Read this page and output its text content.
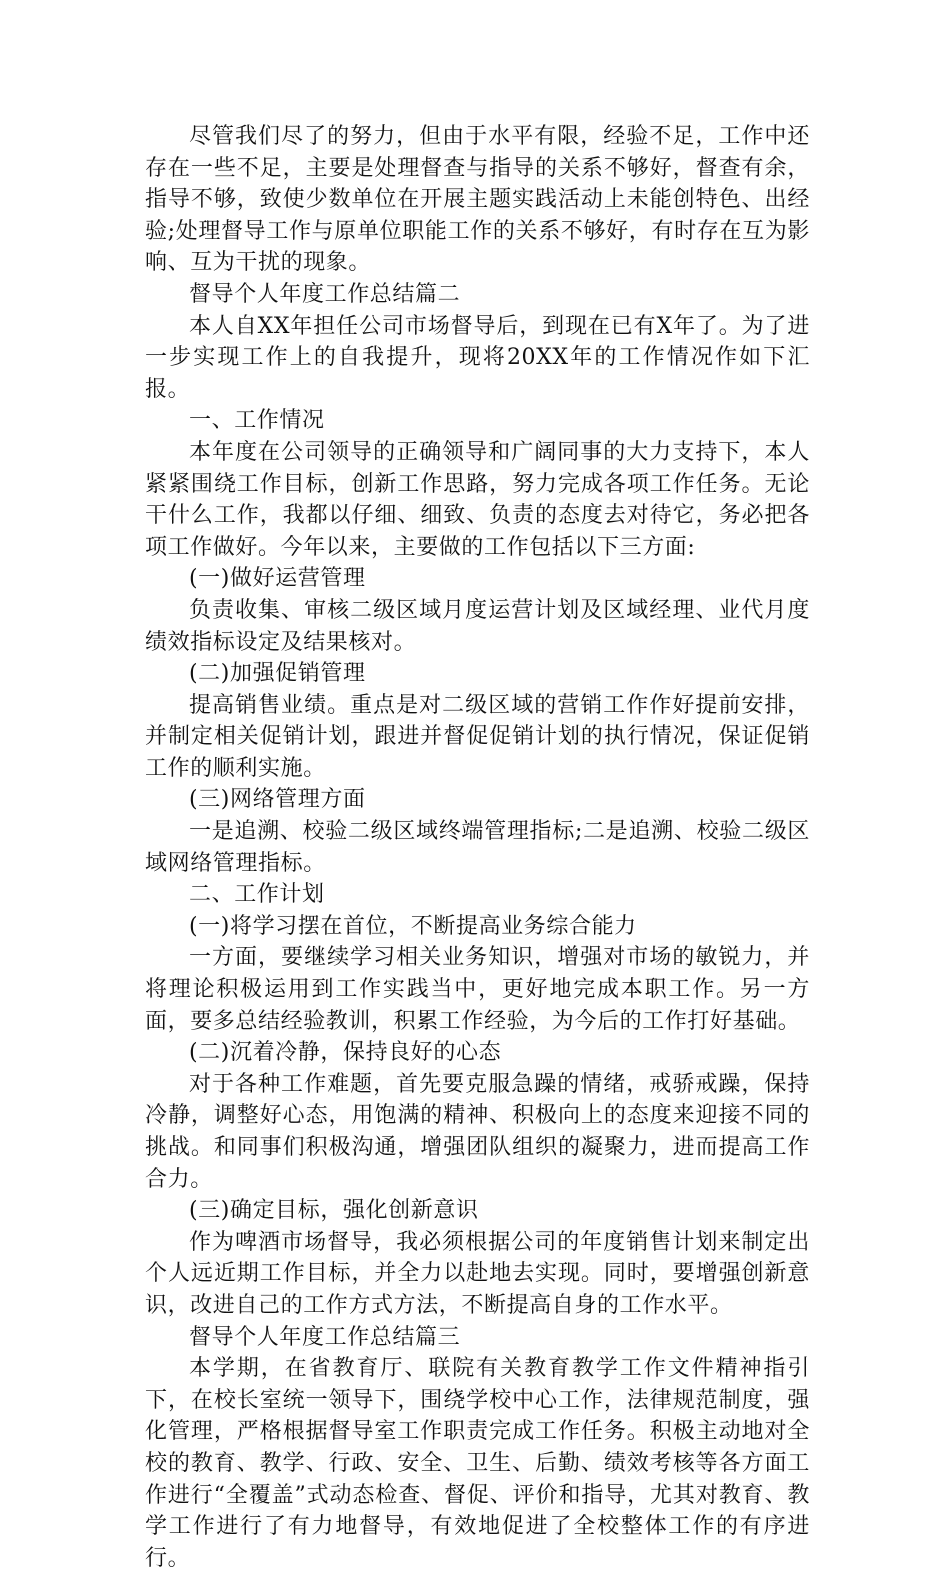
尽管我们尽了的努力，但由于水平有限，经验不足，工作中还存在一些不足，主要是处理督查与指导的关系不够好，督查有余，指导不够，致使少数单位在开展主题实践活动上未能创特色、出经验;处理督导工作与原单位职能工作的关系不够好，有时存在互为影响、互为干扰的现象。

督导个人年度工作总结篇二

本人自XX年担任公司市场督导后，到现在已有X年了。为了进一步实现工作上的自我提升，现将20XX年的工作情况作如下汇报。

一、工作情况

本年度在公司领导的正确领导和广阔同事的大力支持下，本人紧紧围绕工作目标，创新工作思路，努力完成各项工作任务。无论干什么工作，我都以仔细、细致、负责的态度去对待它，务必把各项工作做好。今年以来，主要做的工作包括以下三方面:

(一)做好运营管理

负责收集、审核二级区域月度运营计划及区域经理、业代月度绩效指标设定及结果核对。

(二)加强促销管理

提高销售业绩。重点是对二级区域的营销工作作好提前安排，并制定相关促销计划，跟进并督促促销计划的执行情况，保证促销工作的顺利实施。

(三)网络管理方面

一是追溯、校验二级区域终端管理指标;二是追溯、校验二级区域网络管理指标。

二、工作计划

(一)将学习摆在首位，不断提高业务综合能力

一方面，要继续学习相关业务知识，增强对市场的敏锐力，并将理论积极运用到工作实践当中，更好地完成本职工作。另一方面，要多总结经验教训，积累工作经验，为今后的工作打好基础。

(二)沉着冷静，保持良好的心态

对于各种工作难题，首先要克服急躁的情绪，戒骄戒躁，保持冷静，调整好心态，用饱满的精神、积极向上的态度来迎接不同的挑战。和同事们积极沟通，增强团队组织的凝聚力，进而提高工作合力。

(三)确定目标，强化创新意识

作为啤酒市场督导，我必须根据公司的年度销售计划来制定出个人远近期工作目标，并全力以赴地去实现。同时，要增强创新意识，改进自己的工作方式方法，不断提高自身的工作水平。

督导个人年度工作总结篇三

本学期，在省教育厅、联院有关教育教学工作文件精神指引下，在校长室统一领导下，围绕学校中心工作，法律规范制度，强化管理，严格根据督导室工作职责完成工作任务。积极主动地对全校的教育、教学、行政、安全、卫生、后勤、绩效考核等各方面工作进行“全覆盖”式动态检查、督促、评价和指导，尤其对教育、教学工作进行了有力地督导，有效地促进了全校整体工作的有序进行。
